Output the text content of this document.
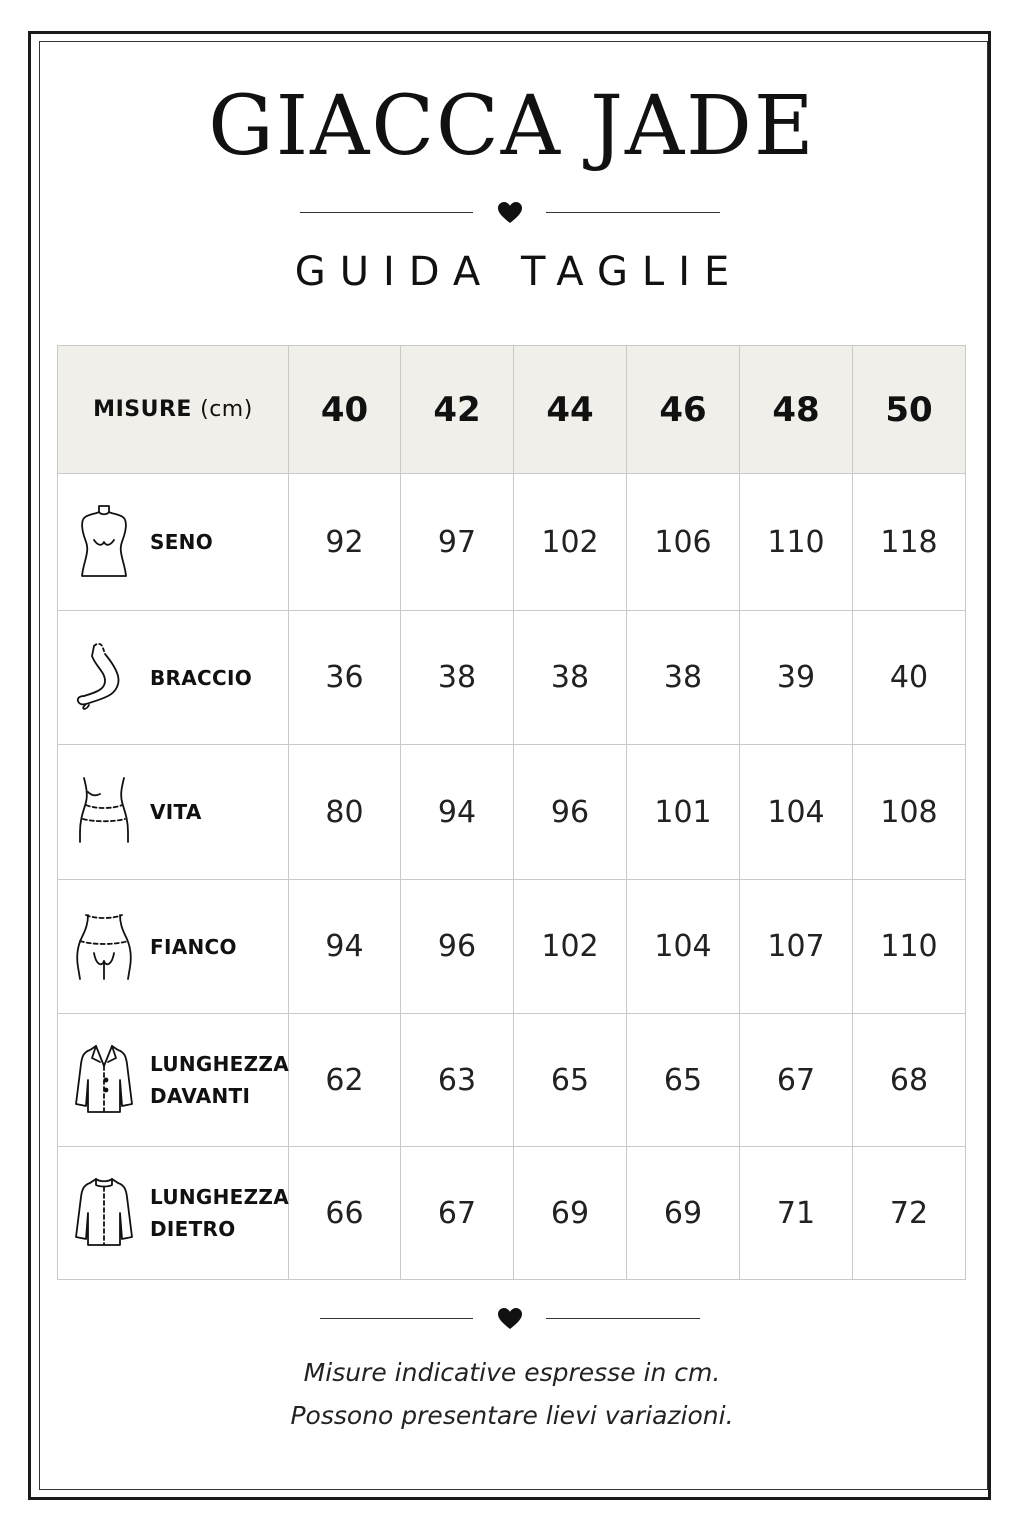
GIACCA JADE
GUIDA TAGLIE
MISURE (cm)	40	42	44	46	48	50

SENO	92	97	102	106	110	118

BRACCIO	36	38	38	38	39	40

VITA	80	94	96	101	104	108

FIANCO	94	96	102	104	107	110

LUNGHEZZA
DAVANTI	62	63	65	65	67	68

LUNGHEZZA
DIETRO	66	67	69	69	71	72
Misure indicative espresse in cm.
Possono presentare lievi variazioni.
